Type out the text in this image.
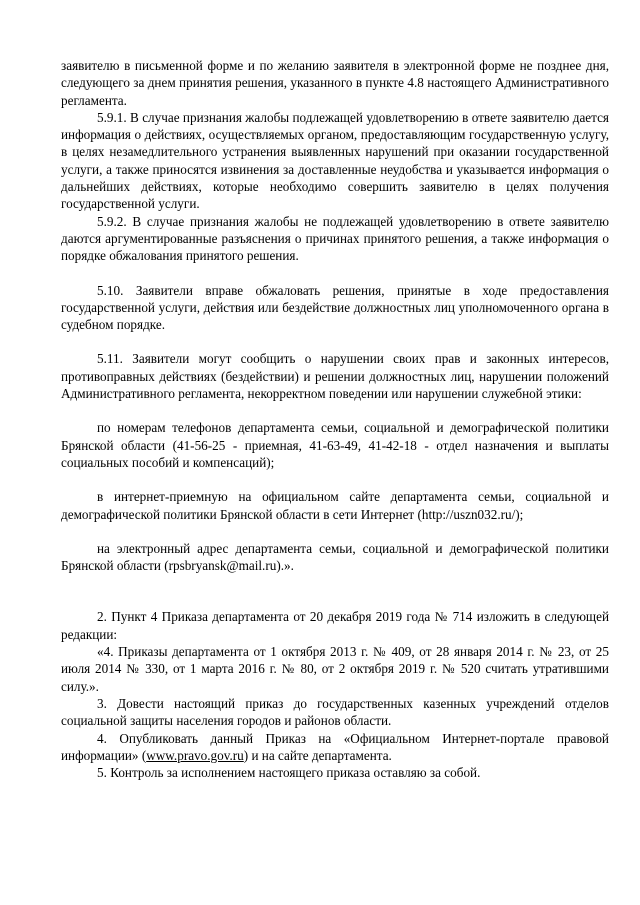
заявителю в письменной форме и по желанию заявителя в электронной форме не позднее дня, следующего за днем принятия решения, указанного в пункте 4.8 настоящего Административного регламента.

5.9.1. В случае признания жалобы подлежащей удовлетворению в ответе заявителю дается информация о действиях, осуществляемых органом, предоставляющим государственную услугу, в целях незамедлительного устранения выявленных нарушений при оказании государственной услуги, а также приносятся извинения за доставленные неудобства и указывается информация о дальнейших действиях, которые необходимо совершить заявителю в целях получения государственной услуги.

5.9.2. В случае признания жалобы не подлежащей удовлетворению в ответе заявителю даются аргументированные разъяснения о причинах принятого решения, а также информация о порядке обжалования принятого решения.

5.10. Заявители вправе обжаловать решения, принятые в ходе предоставления государственной услуги, действия или бездействие должностных лиц уполномоченного органа в судебном порядке.

5.11. Заявители могут сообщить о нарушении своих прав и законных интересов, противоправных действиях (бездействии) и решении должностных лиц, нарушении положений Административного регламента, некорректном поведении или нарушении служебной этики:

по номерам телефонов департамента семьи, социальной и демографической политики Брянской области (41-56-25 - приемная, 41-63-49, 41-42-18 - отдел назначения и выплаты социальных пособий и компенсаций);

в интернет-приемную на официальном сайте департамента семьи, социальной и демографической политики Брянской области в сети Интернет (http://uszn032.ru/);

на электронный адрес департамента семьи, социальной и демографической политики Брянской области (rpsbryansk@mail.ru).».

2. Пункт 4 Приказа департамента от 20 декабря 2019 года № 714 изложить в следующей редакции:

«4. Приказы департамента от 1 октября 2013 г. № 409, от 28 января 2014 г. № 23, от 25 июля 2014 № 330, от 1 марта 2016 г. № 80, от 2 октября 2019 г. № 520 считать утратившими силу.».

3. Довести настоящий приказ до государственных казенных учреждений отделов социальной защиты населения городов и районов области.

4. Опубликовать данный Приказ на «Официальном Интернет-портале правовой информации» (www.pravo.gov.ru) и на сайте департамента.

5. Контроль за исполнением настоящего приказа оставляю за собой.
